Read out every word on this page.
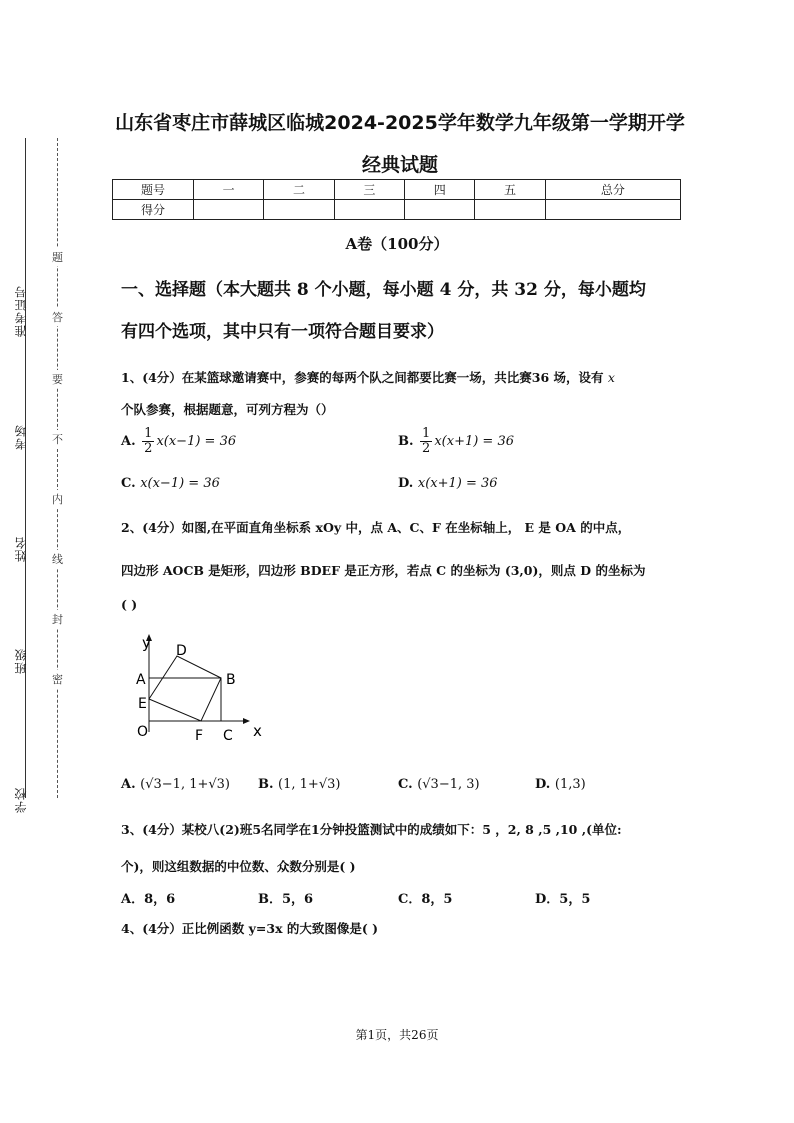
准考证号
考场
姓名
班级
学校
题
答
要
不
内
线
封
密
山东省枣庄市薛城区临城2024-2025学年数学九年级第一学期开学
经典试题
题号	一	二	三	四	五	总分
得分						
A卷（100分）
一、选择题（本大题共 8 个小题，每小题 4 分，共 32 分，每小题均
有四个选项，其中只有一项符合题目要求）
1、(4分）在某篮球邀请赛中，参赛的每两个队之间都要比赛一场，共比赛36 场，设有 x
个队参赛，根据题意，可列方程为（）
A. $\frac{1}{2} x(x-1) = 36$	B. $\frac{1}{2} x(x+1) = 36$
C. x(x−1) = 36	D. x(x+1) = 36
2、(4分）如图,在平面直角坐标系 xOy 中，点 A、C、F 在坐标轴上， E 是 OA 的中点，
四边形 AOCB 是矩形，四边形 BDEF 是正方形，若点 C 的坐标为 (3,0)，则点 D 的坐标为
( )
y D
A	B
E
O	F C x
A. (√3−1, 1+√3) B. (1, 1+√3)	C. (√3−1, 3)	D. (1,3)
3、(4分）某校八(2)班5名同学在1分钟投篮测试中的成绩如下：5 ，2, 8 ,5 ,10 ,(单位:
个)，则这组数据的中位数、众数分别是( )
A．8，6	B．5，6	C．8，5	D．5，5
4、(4分）正比例函数 y=3x 的大致图像是( )
第1页，共26页
